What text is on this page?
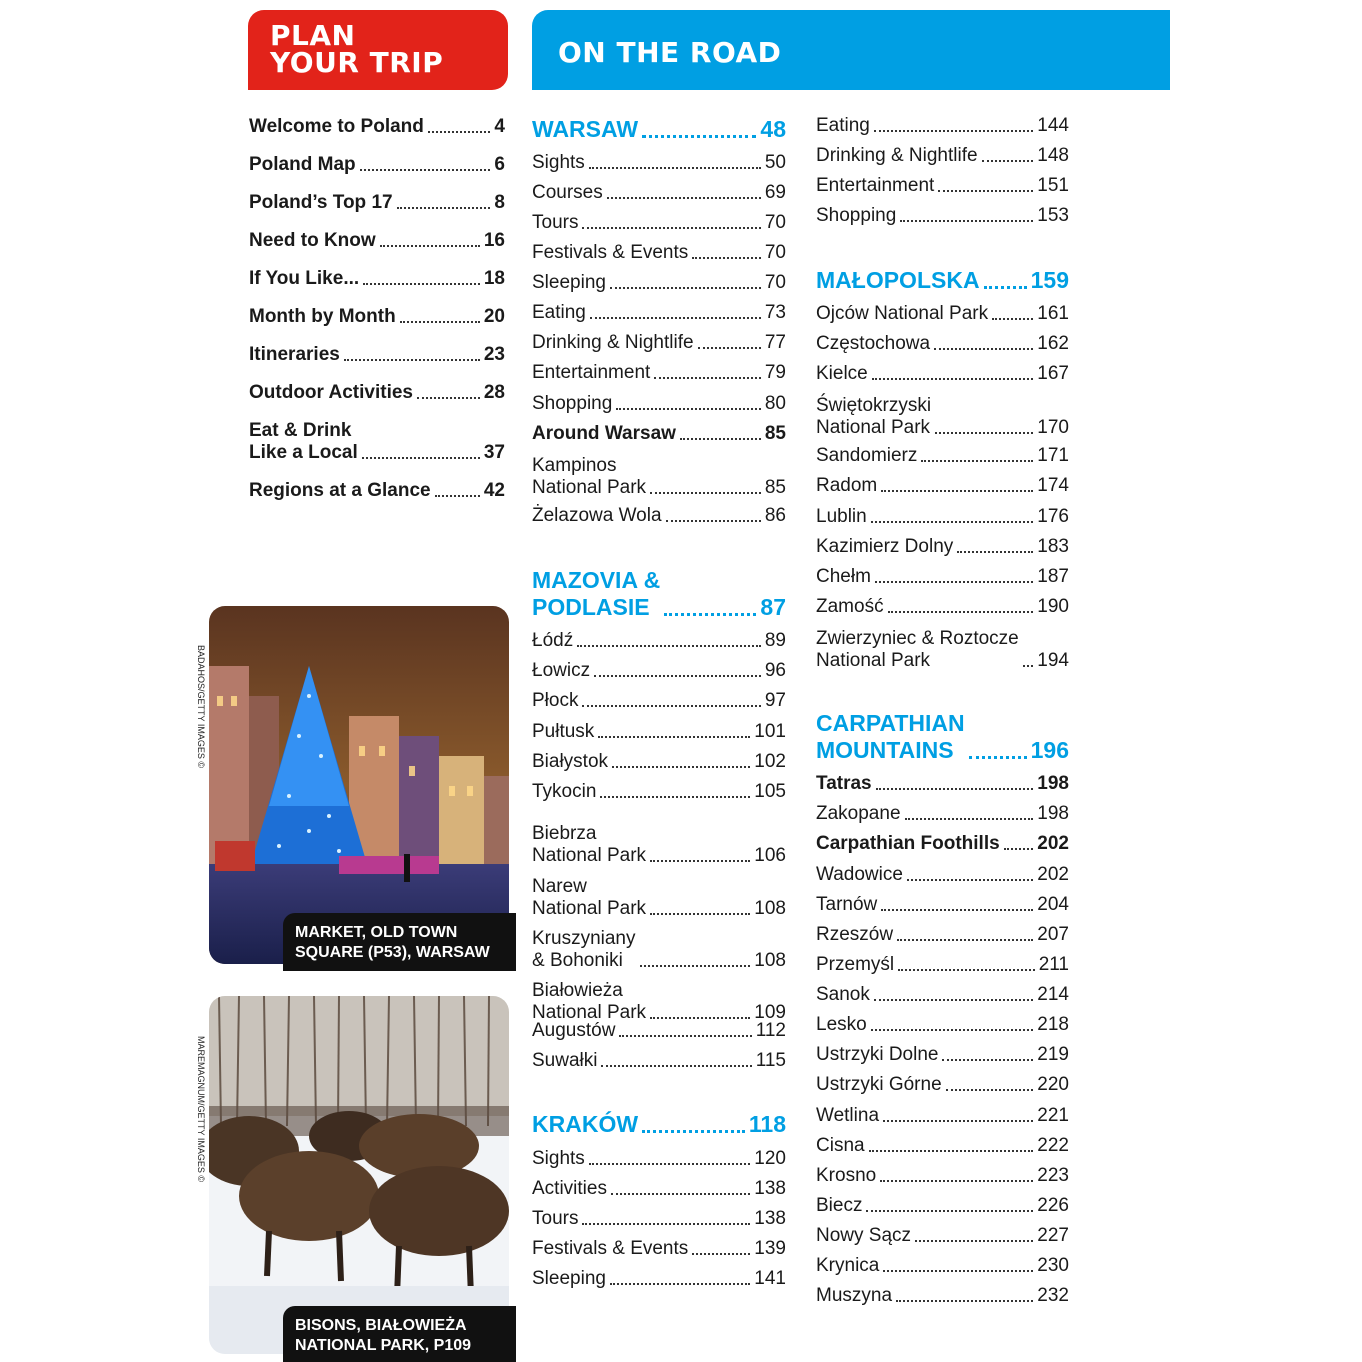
PLAN
YOUR TRIP	ON THE ROAD
Welcome to Poland	4
Poland Map	6
Poland’s Top 17	8
Need to Know	16
If You Like...	18
Month by Month	20
Itineraries	23
Outdoor Activities	28
Eat & Drink
Like a Local	37
Regions at a Glance	42
WARSAW	48
Sights	50
Courses	69
Tours	70
Festivals & Events	70
Sleeping	70
Eating	73
Drinking & Nightlife	77
Entertainment	79
Shopping	80
Around Warsaw	85
Kampinos
National Park	85
Żelazowa Wola	86
MAZOVIA &
PODLASIE	87
Łódź	89
Łowicz	96
Płock	97
Pułtusk	101
Białystok	102
Tykocin	105
Biebrza
National Park	106
Narew
National Park	108
Kruszyniany
& Bohoniki	108
Białowieża
National Park	109
Augustów	112
Suwałki	115
KRAKÓW	118
Sights	120
Activities	138
Tours	138
Festivals & Events	139
Sleeping	141
Eating	144
Drinking & Nightlife	148
Entertainment	151
Shopping	153
MAŁOPOLSKA 159
Ojców National Park	161
Częstochowa	162
Kielce	167
Świętokrzyski
National Park	170
Sandomierz	171
Radom	174
Lublin	176
Kazimierz Dolny	183
Chełm	187
Zamość	190
Zwierzyniec & Roztocze
National Park	194
CARPATHIAN
MOUNTAINS	196
Tatras	198
Zakopane	198
Carpathian Foothills 202
Wadowice	202
Tarnów	204
Rzeszów	207
Przemyśl	211
Sanok	214
Lesko	218
Ustrzyki Dolne	219
Ustrzyki Górne	220
Wetlina	221
Cisna	222
Krosno	223
Biecz	226
Nowy Sącz	227
Krynica	230
Muszyna	232
BADAHOS/GETTY IMAGES ©
MARKET, OLD TOWN
SQUARE (P53), WARSAW
MAREMAGNUM/GETTY IMAGES ©
BISONS, BIAŁOWIEŻA
NATIONAL PARK, P109
